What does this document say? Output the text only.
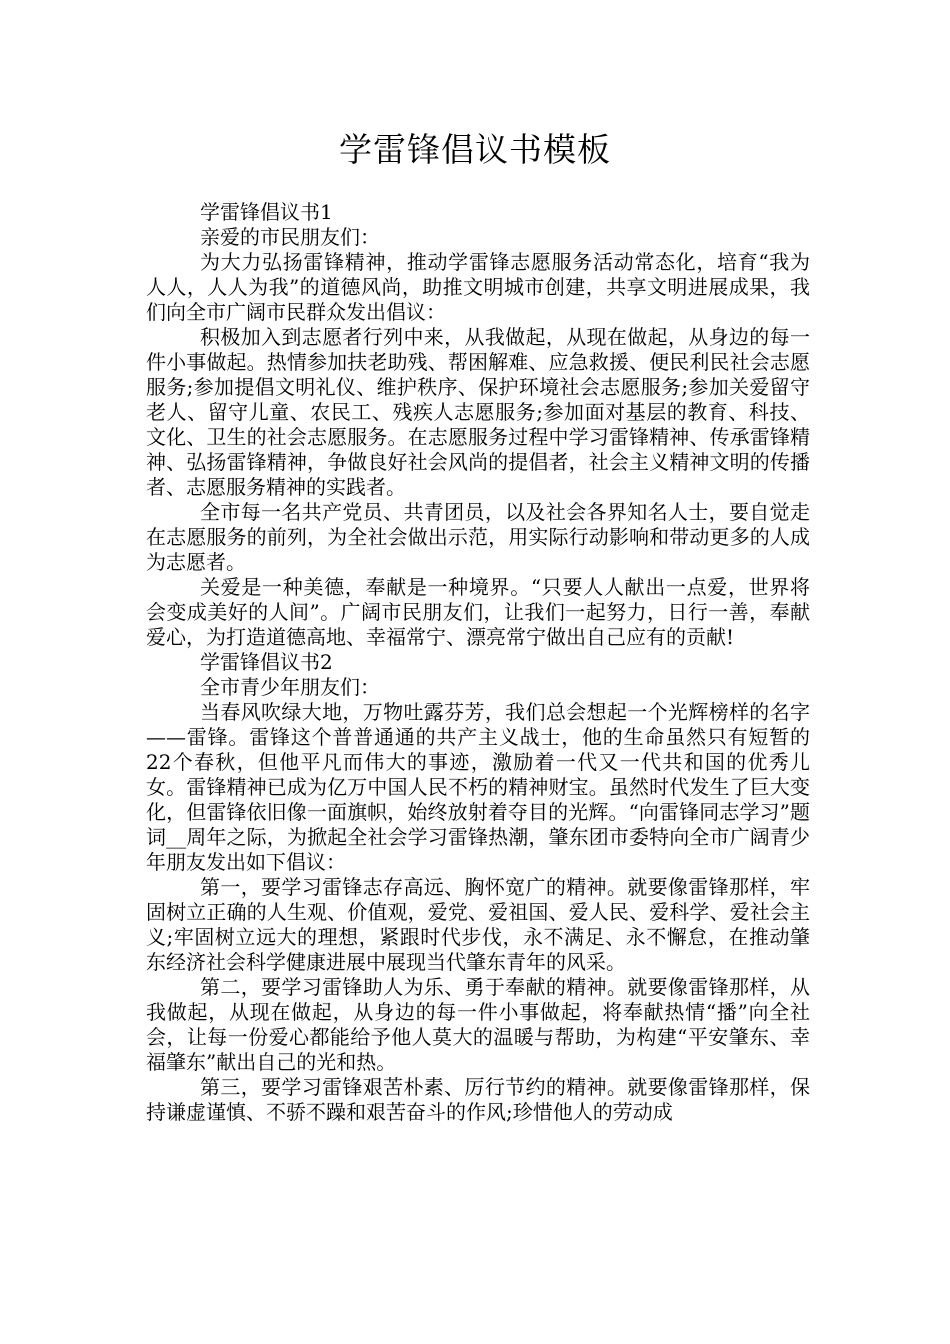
学雷锋倡议书模板

学雷锋倡议书1

亲爱的市民朋友们：

为大力弘扬雷锋精神，推动学雷锋志愿服务活动常态化，培育“我为人人，人人为我”的道德风尚，助推文明城市创建，共享文明进展成果，我们向全市广阔市民群众发出倡议：

积极加入到志愿者行列中来，从我做起，从现在做起，从身边的每一件小事做起。热情参加扶老助残、帮困解难、应急救援、便民利民社会志愿服务;参加提倡文明礼仪、维护秩序、保护环境社会志愿服务;参加关爱留守老人、留守儿童、农民工、残疾人志愿服务;参加面对基层的教育、科技、文化、卫生的社会志愿服务。在志愿服务过程中学习雷锋精神、传承雷锋精神、弘扬雷锋精神，争做良好社会风尚的提倡者，社会主义精神文明的传播者、志愿服务精神的实践者。

全市每一名共产党员、共青团员，以及社会各界知名人士，要自觉走在志愿服务的前列，为全社会做出示范，用实际行动影响和带动更多的人成为志愿者。

关爱是一种美德，奉献是一种境界。“只要人人献出一点爱，世界将会变成美好的人间”。广阔市民朋友们，让我们一起努力，日行一善，奉献爱心，为打造道德高地、幸福常宁、漂亮常宁做出自己应有的贡献!

学雷锋倡议书2

全市青少年朋友们：

当春风吹绿大地，万物吐露芬芳，我们总会想起一个光辉榜样的名字——雷锋。雷锋这个普普通通的共产主义战士，他的生命虽然只有短暂的22个春秋，但他平凡而伟大的事迹，激励着一代又一代共和国的优秀儿女。雷锋精神已成为亿万中国人民不朽的精神财宝。虽然时代发生了巨大变化，但雷锋依旧像一面旗帜，始终放射着夺目的光辉。“向雷锋同志学习”题词__周年之际，为掀起全社会学习雷锋热潮，肇东团市委特向全市广阔青少年朋友发出如下倡议：

第一，要学习雷锋志存高远、胸怀宽广的精神。就要像雷锋那样，牢固树立正确的人生观、价值观，爱党、爱祖国、爱人民、爱科学、爱社会主义;牢固树立远大的理想，紧跟时代步伐，永不满足、永不懈怠，在推动肇东经济社会科学健康进展中展现当代肇东青年的风采。

第二，要学习雷锋助人为乐、勇于奉献的精神。就要像雷锋那样，从我做起，从现在做起，从身边的每一件小事做起，将奉献热情“播”向全社会，让每一份爱心都能给予他人莫大的温暖与帮助，为构建“平安肇东、幸福肇东”献出自己的光和热。

第三，要学习雷锋艰苦朴素、厉行节约的精神。就要像雷锋那样，保持谦虚谨慎、不骄不躁和艰苦奋斗的作风;珍惜他人的劳动成
